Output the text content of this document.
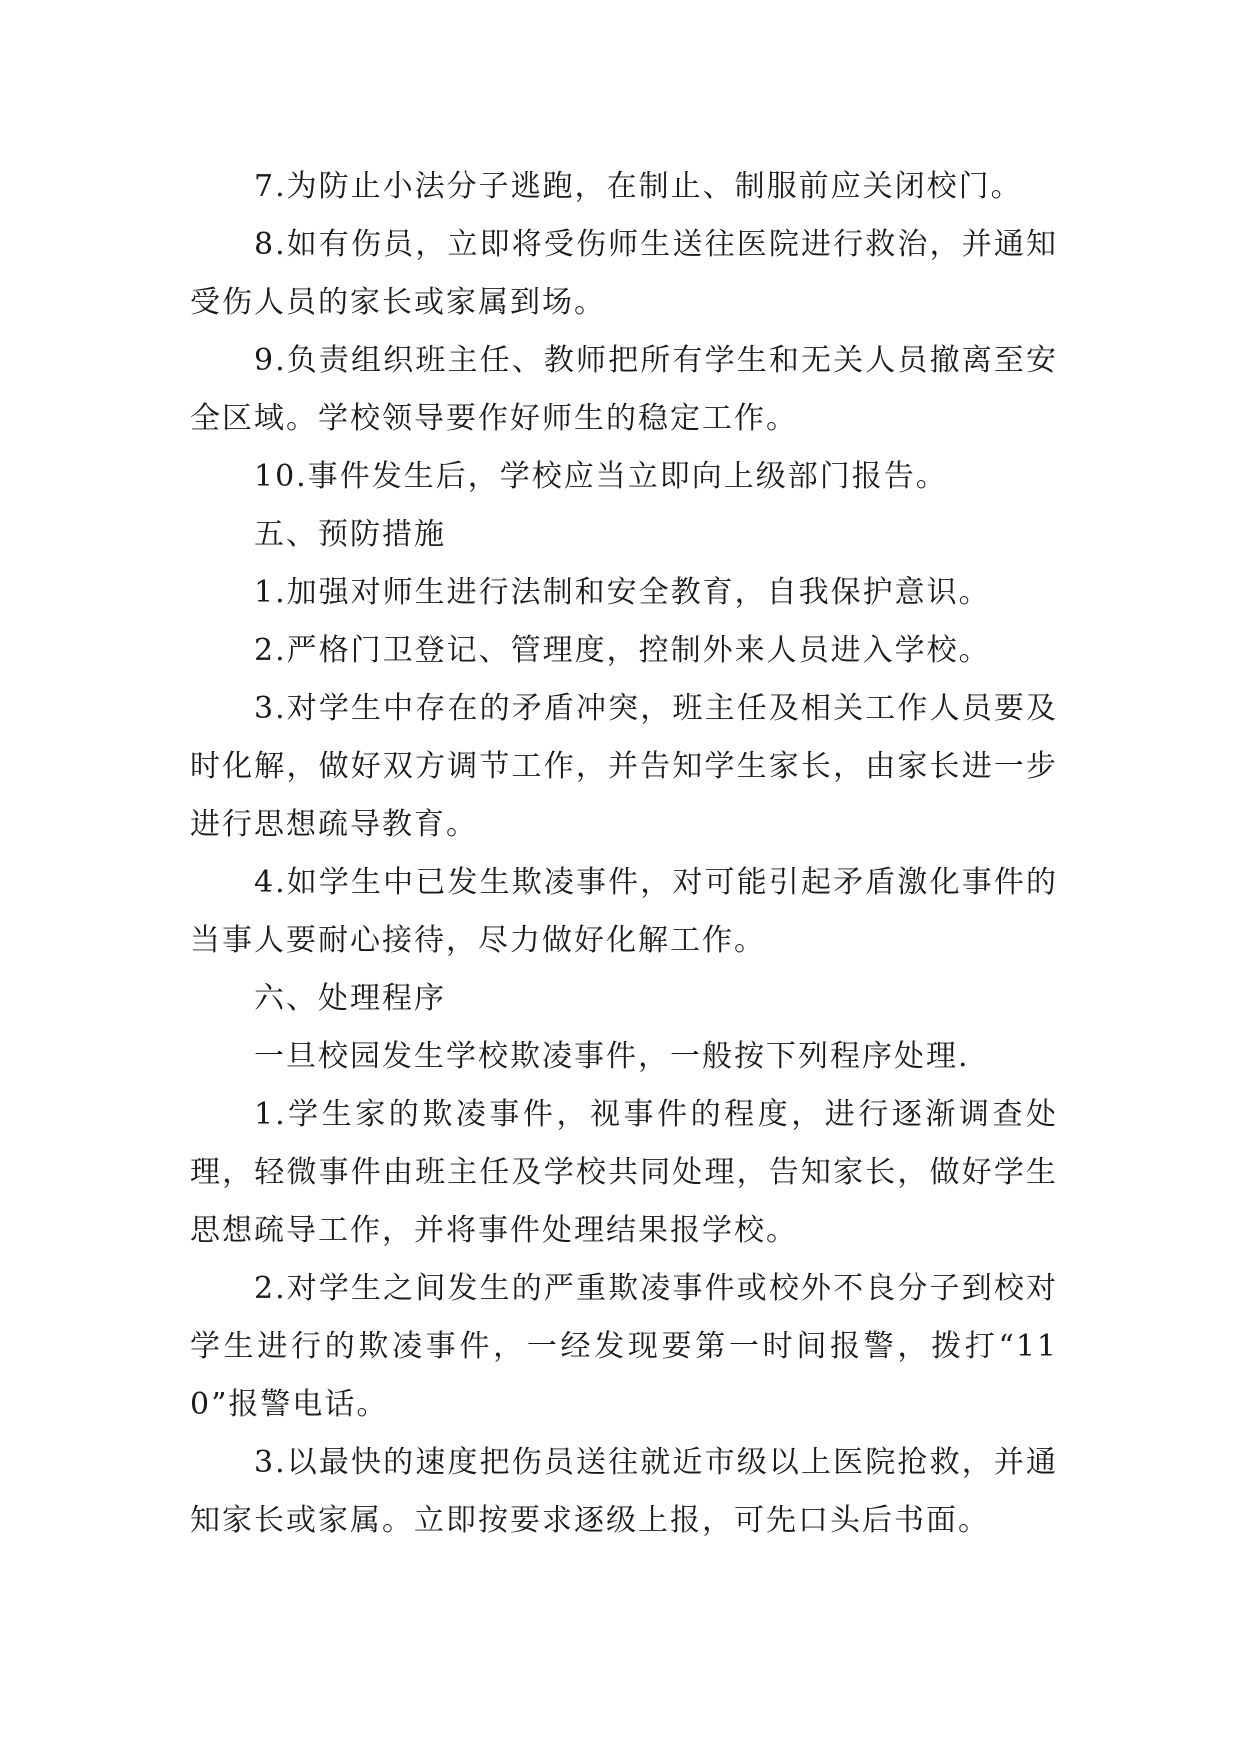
7.为防止小法分子逃跑，在制止、制服前应关闭校门。

8.如有伤员，立即将受伤师生送往医院进行救治，并通知受伤人员的家长或家属到场。

9.负责组织班主任、教师把所有学生和无关人员撤离至安全区域。学校领导要作好师生的稳定工作。

10.事件发生后，学校应当立即向上级部门报告。

五、预防措施

1.加强对师生进行法制和安全教育，自我保护意识。

2.严格门卫登记、管理度，控制外来人员进入学校。

3.对学生中存在的矛盾冲突，班主任及相关工作人员要及时化解，做好双方调节工作，并告知学生家长，由家长进一步进行思想疏导教育。

4.如学生中已发生欺凌事件，对可能引起矛盾激化事件的当事人要耐心接待，尽力做好化解工作。

六、处理程序

一旦校园发生学校欺凌事件，一般按下列程序处理.

1.学生家的欺凌事件，视事件的程度，进行逐渐调查处理，轻微事件由班主任及学校共同处理，告知家长，做好学生思想疏导工作，并将事件处理结果报学校。

2.对学生之间发生的严重欺凌事件或校外不良分子到校对学生进行的欺凌事件，一经发现要第一时间报警，拨打“110”报警电话。

3.以最快的速度把伤员送往就近市级以上医院抢救，并通知家长或家属。立即按要求逐级上报，可先口头后书面。
